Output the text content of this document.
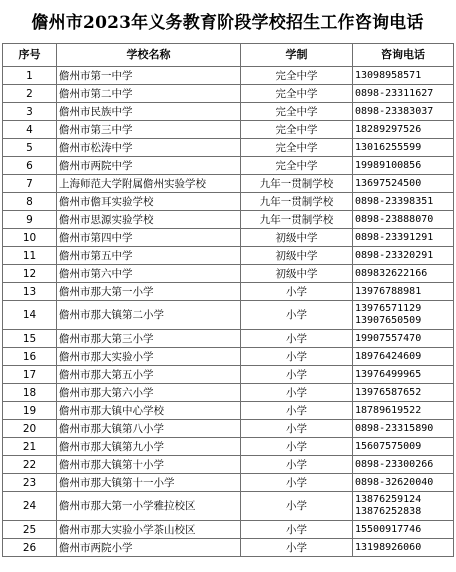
儋州市2023年义务教育阶段学校招生工作咨询电话
序号	学校名称	学制	咨询电话
1	儋州市第一中学	完全中学	13098958571
2	儋州市第二中学	完全中学	0898-23311627
3	儋州市民族中学	完全中学	0898-23383037
4	儋州市第三中学	完全中学	18289297526
5	儋州市松涛中学	完全中学	13016255599
6	儋州市两院中学	完全中学	19989100856
7	上海师范大学附属儋州实验学校	九年一贯制学校	13697524500
8	儋州市儋耳实验学校	九年一贯制学校	0898-23398351
9	儋州市思源实验学校	九年一贯制学校	0898-23888070
10	儋州市第四中学	初级中学	0898-23391291
11	儋州市第五中学	初级中学	0898-23320291
12	儋州市第六中学	初级中学	089832622166
13	儋州市那大第一小学	小学	13976788981
14	儋州市那大镇第二小学	小学	13976571129
13907650509
15	儋州市那大第三小学	小学	19907557470
16	儋州市那大实验小学	小学	18976424609
17	儋州市那大第五小学	小学	13976499965
18	儋州市那大第六小学	小学	13976587652
19	儋州市那大镇中心学校	小学	18789619522
20	儋州市那大镇第八小学	小学	0898-23315890
21	儋州市那大镇第九小学	小学	15607575009
22	儋州市那大镇第十小学	小学	0898-23300266
23	儋州市那大镇第十一小学	小学	0898-32620040
24	儋州市那大第一小学雅拉校区	小学	13876259124
13876252838
25	儋州市那大实验小学茶山校区	小学	15500917746
26	儋州市两院小学	小学	13198926060
